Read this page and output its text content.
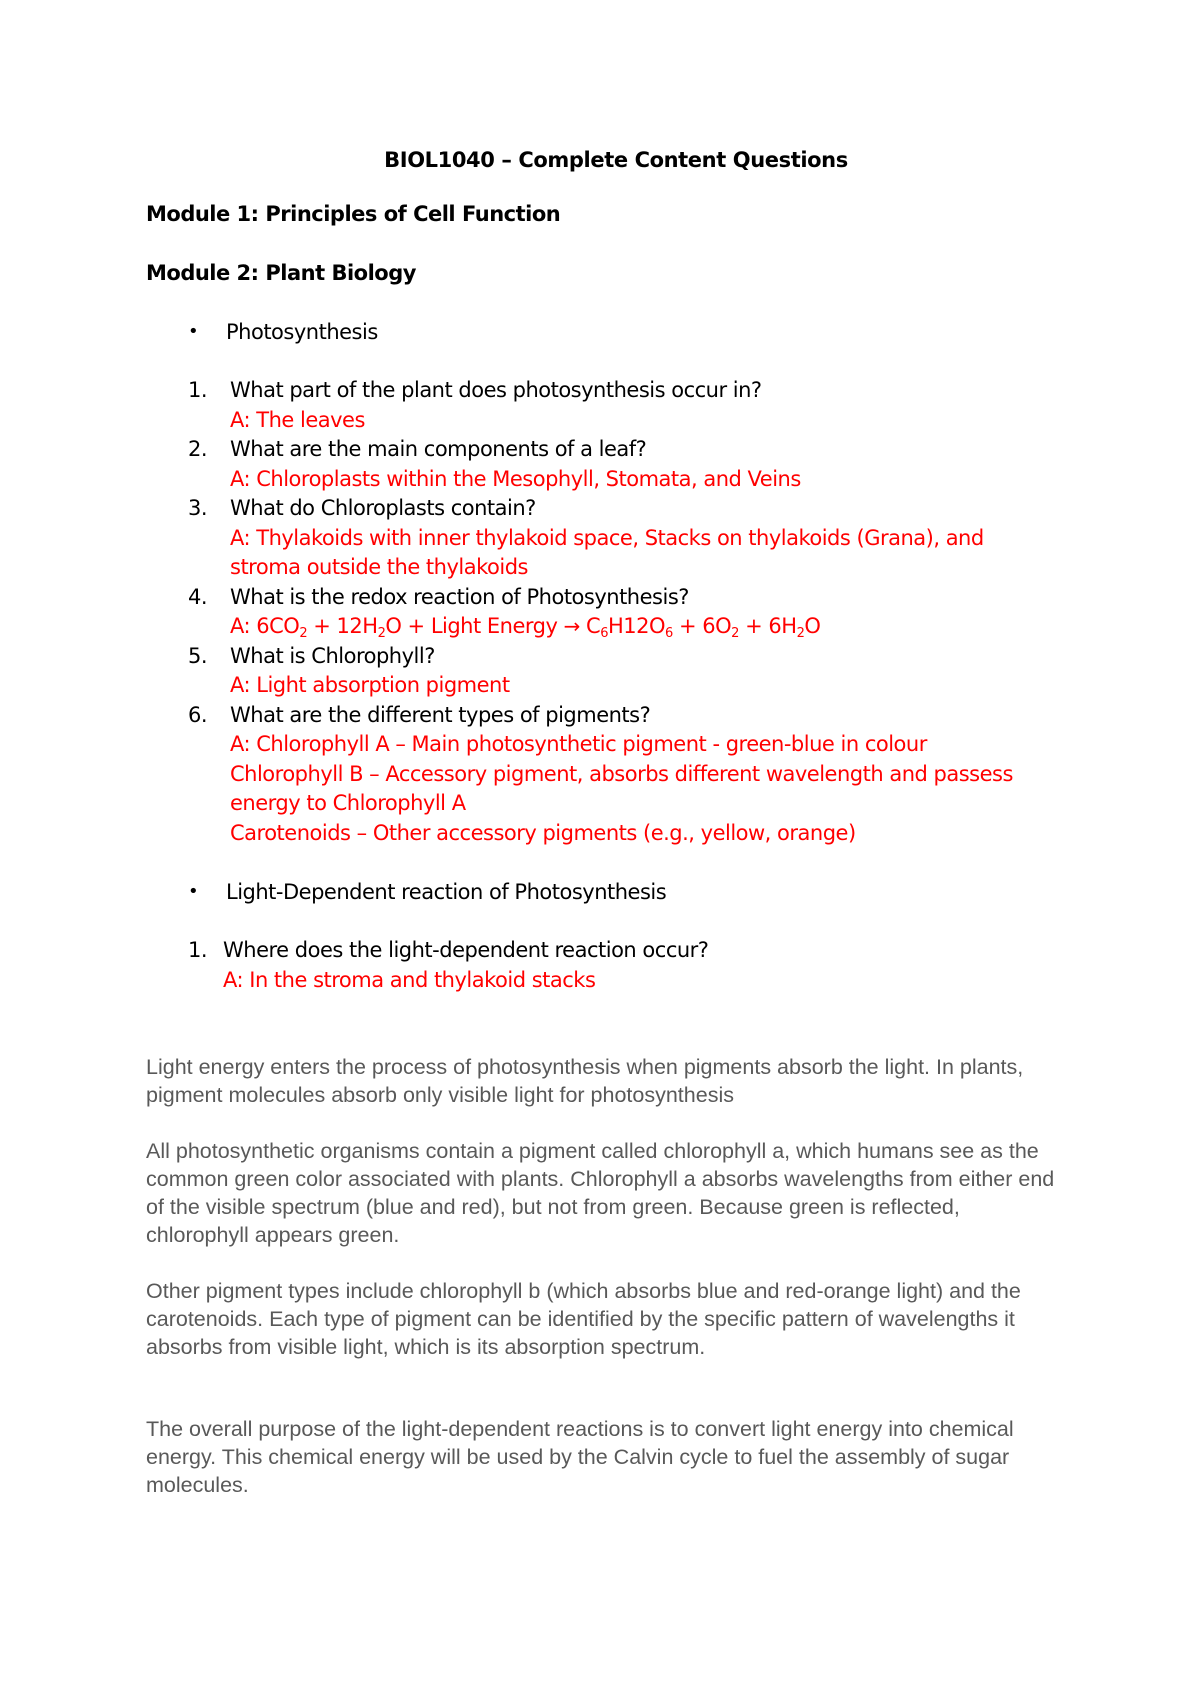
BIOL1040 – Complete Content Questions
Module 1: Principles of Cell Function
Module 2: Plant Biology
•	Photosynthesis
1.	What part of the plant does photosynthesis occur in?
A: The leaves
2.	What are the main components of a leaf?
A: Chloroplasts within the Mesophyll, Stomata, and Veins
3.	What do Chloroplasts contain?
A: Thylakoids with inner thylakoid space, Stacks on thylakoids (Grana), and stroma outside the thylakoids
4.	What is the redox reaction of Photosynthesis?
A: $6CO_2 + 12H_2O$ + Light Energy → $C_6H12O_6 + 6O_2 + 6H_2O$
5.	What is Chlorophyll?
A: Light absorption pigment
6.	What are the different types of pigments?
A: Chlorophyll A – Main photosynthetic pigment - green-blue in colour
Chlorophyll B – Accessory pigment, absorbs different wavelength and passess energy to Chlorophyll A
Carotenoids – Other accessory pigments (e.g., yellow, orange)
•	Light-Dependent reaction of Photosynthesis
1. Where does the light-dependent reaction occur?
A: In the stroma and thylakoid stacks

Light energy enters the process of photosynthesis when pigments absorb the light. In plants, pigment molecules absorb only visible light for photosynthesis

All photosynthetic organisms contain a pigment called chlorophyll a, which humans see as the common green color associated with plants. Chlorophyll a absorbs wavelengths from either end of the visible spectrum (blue and red), but not from green. Because green is reflected, chlorophyll appears green.

Other pigment types include chlorophyll b (which absorbs blue and red-orange light) and the carotenoids. Each type of pigment can be identified by the specific pattern of wavelengths it absorbs from visible light, which is its absorption spectrum.

The overall purpose of the light-dependent reactions is to convert light energy into chemical energy. This chemical energy will be used by the Calvin cycle to fuel the assembly of sugar molecules.
